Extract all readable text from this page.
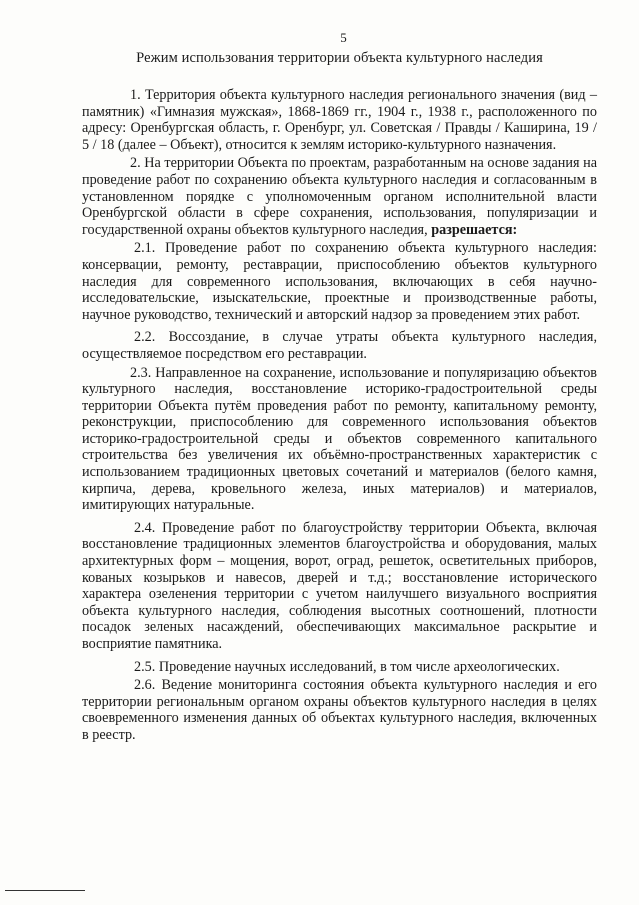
5
Режим использования территории объекта культурного наследия

1. Территория объекта культурного наследия регионального значения (вид – памятник) «Гимназия мужская», 1868-1869 гг., 1904 г., 1938 г., расположенного по адресу: Оренбургская область, г. Оренбург, ул. Советская / Правды / Каширина, 19 / 5 / 18 (далее – Объект), относится к землям историко-культурного назначения.

2. На территории Объекта по проектам, разработанным на основе задания на проведение работ по сохранению объекта культурного наследия и согласованным в установленном порядке с уполномоченным органом исполнительной власти Оренбургской области в сфере сохранения, использования, популяризации и государственной охраны объектов культурного наследия, разрешается:

2.1. Проведение работ по сохранению объекта культурного наследия: консервации, ремонту, реставрации, приспособлению объектов культурного наследия для современного использования, включающих в себя научно-исследовательские, изыскательские, проектные и производственные работы, научное руководство, технический и авторский надзор за проведением этих работ.

2.2. Воссоздание, в случае утраты объекта культурного наследия, осуществляемое посредством его реставрации.

2.3. Направленное на сохранение, использование и популяризацию объектов культурного наследия, восстановление историко-градостроительной среды территории Объекта путём проведения работ по ремонту, капитальному ремонту, реконструкции, приспособлению для современного использования объектов историко-градостроительной среды и объектов современного капитального строительства без увеличения их объёмно-пространственных характеристик с использованием традиционных цветовых сочетаний и материалов (белого камня, кирпича, дерева, кровельного железа, иных материалов) и материалов, имитирующих натуральные.

2.4. Проведение работ по благоустройству территории Объекта, включая восстановление традиционных элементов благоустройства и оборудования, малых архитектурных форм – мощения, ворот, оград, решеток, осветительных приборов, кованых козырьков и навесов, дверей и т.д.; восстановление исторического характера озеленения территории с учетом наилучшего визуального восприятия объекта культурного наследия, соблюдения высотных соотношений, плотности посадок зеленых насаждений, обеспечивающих максимальное раскрытие и восприятие памятника.

2.5. Проведение научных исследований, в том числе археологических.

2.6. Ведение мониторинга состояния объекта культурного наследия и его территории региональным органом охраны объектов культурного наследия в целях своевременного изменения данных об объектах культурного наследия, включенных в реестр.
